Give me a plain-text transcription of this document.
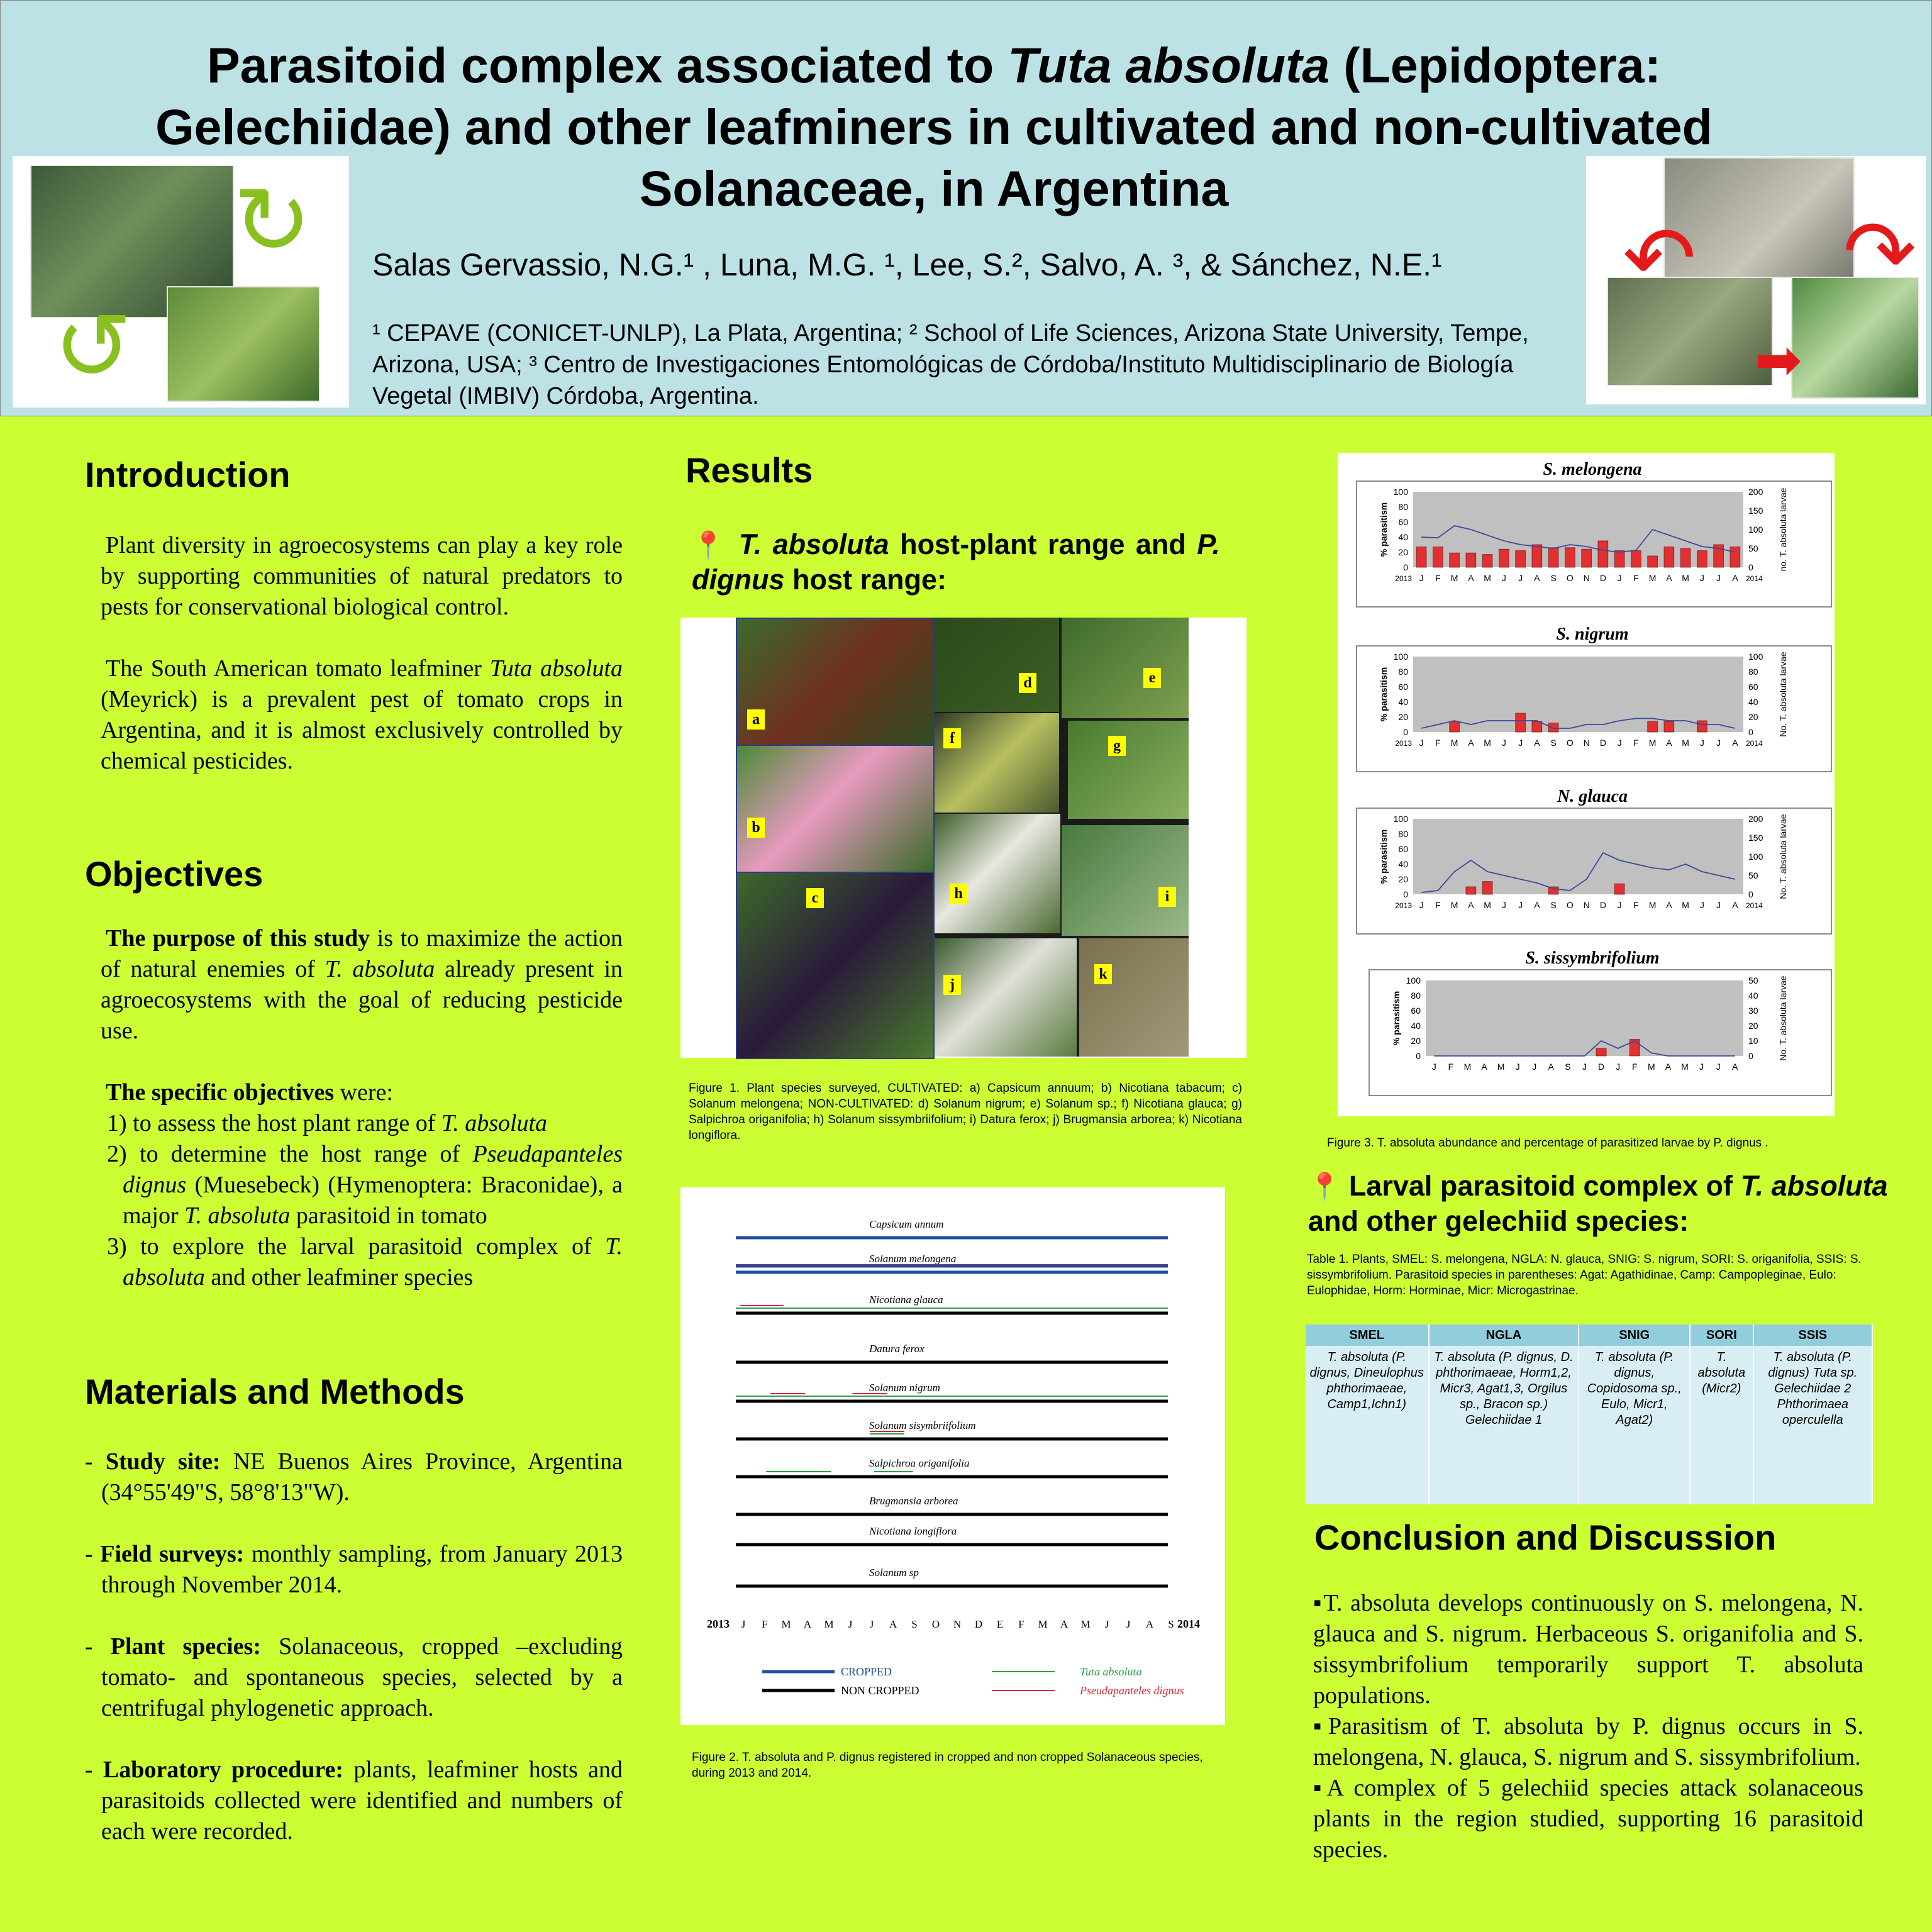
Parasitoid complex associated to Tuta absoluta (Lepidoptera:
Gelechiidae) and other leafminers in cultivated and non-cultivated
Solanaceae, in Argentina
Salas Gervassio, N.G.¹ , Luna, M.G. ¹, Lee, S.², Salvo, A. ³, & Sánchez, N.E.¹
¹ CEPAVE (CONICET-UNLP), La Plata, Argentina; ² School of Life Sciences, Arizona State University, Tempe, Arizona, USA; ³ Centro de Investigaciones Entomológicas de Córdoba/Instituto Multidisciplinario de Biología Vegetal (IMBIV) Córdoba, Argentina.
↻
↺
↶ ↷
➡
Introduction

Plant diversity in agroecosystems can play a key role by supporting communities of natural predators to pests for conservational biological control.

The South American tomato leafminer Tuta absoluta (Meyrick) is a prevalent pest of tomato crops in Argentina, and it is almost exclusively controlled by chemical pesticides.

Objectives

The purpose of this study is to maximize the action of natural enemies of T. absoluta already present in agroecosystems with the goal of reducing pesticide use.

The specific objectives were:

1) to assess the host plant range of T. absoluta

2) to determine the host range of Pseudapanteles dignus (Muesebeck) (Hymenoptera: Braconidae), a major T. absoluta parasitoid in tomato

3) to explore the larval parasitoid complex of T. absoluta and other leafminer species

Materials and Methods

- Study site: NE Buenos Aires Province, Argentina (34°55'49"S, 58°8'13"W).

- Field surveys: monthly sampling, from January 2013 through November 2014.

- Plant species: Solanaceous, cropped –excluding tomato- and spontaneous species, selected by a centrifugal phylogenetic approach.

- Laboratory procedure: plants, leafminer hosts and parasitoids collected were identified and numbers of each were recorded.

Results
📍 T. absoluta host-plant range and P. dignus host range:
a
b
c
d	e
f	g
h	i
j
k
Figure 1. Plant species surveyed, CULTIVATED: a) Capsicum annuum; b) Nicotiana tabacum; c) Solanum melongena; NON-CULTIVATED: d) Solanum nigrum; e) Solanum sp.; f) Nicotiana glauca; g) Salpichroa origanifolia; h) Solanum sissymbriifolium; i) Datura ferox; j) Brugmansia arborea; k) Nicotiana longiflora.
Capsicum annum
Solanum melongena
Nicotiana glauca
Datura ferox
Solanum nigrum
Solanum sisymbriifolium
Salpichroa origanifolia
Brugmansia arborea
Nicotiana longiflora
Solanum sp
2013	2014
J F M A M J J A S O N D E F M A M J J A S
CROPPED
NON CROPPED
Tuta absoluta
Pseudapanteles dignus
Figure 2. T. absoluta and P. dignus registered in cropped and non cropped Solanaceous species, during 2013 and 2014.
S. melongena
100
80
60
40
20
0
200
150
100
50
0
% parasitism	no. T. absoluta larvae
J F M A M J J A S O N D J F M A M J J A
2013	2014
S. nigrum
100
80
60
40
20
0
100
80
60
40
20
0
% parasitism	No. T. absoluta larvae
J F M A M J J A S O N D J F M A M J J A
2013	2014
N. glauca
100
80
60
40
20
0
200
150
100
50
0
% parasitism	No. T. absoluta larvae
J F M A M J J A S O N D J F M A M J J A
2013	2014
S. sissymbrifolium
100
80
60
40
20
0
50
40
30
20
10
0
% parasitism	No. T. absoluta larvae
J F M A M J J A S J D J F M A M J J A
Figure 3. T. absoluta abundance and percentage of parasitized larvae by P. dignus .
📍 Larval parasitoid complex of T. absoluta and other gelechiid species:
Table 1. Plants, SMEL: S. melongena, NGLA: N. glauca, SNIG: S. nigrum, SORI: S. origanifolia, SSIS: S. sissymbrifolium. Parasitoid species in parentheses: Agat: Agathidinae, Camp: Campopleginae, Eulo: Eulophidae, Horm: Horminae, Micr: Microgastrinae.
SMEL	NGLA	SNIG	SORI	SSIS
T. absoluta (P. dignus, Dineulophus phthorimaeae, Camp1,Ichn1)	T. absoluta (P. dignus, D. phthorimaeae, Horm1,2, Micr3, Agat1,3, Orgilus sp., Bracon sp.) Gelechiidae 1	T. absoluta (P. dignus, Copidosoma sp., Eulo, Micr1, Agat2)	T. absoluta (Micr2)	T. absoluta (P. dignus) Tuta sp. Gelechiidae 2 Phthorimaea operculella
Conclusion and Discussion

▪T. absoluta develops continuously on S. melongena, N. glauca and S. nigrum. Herbaceous S. origanifolia and S. sissymbrifolium temporarily support T. absoluta populations.

▪Parasitism of T. absoluta by P. dignus occurs in S. melongena, N. glauca, S. nigrum and S. sissymbrifolium.

▪A complex of 5 gelechiid species attack solanaceous plants in the region studied, supporting 16 parasitoid species.
